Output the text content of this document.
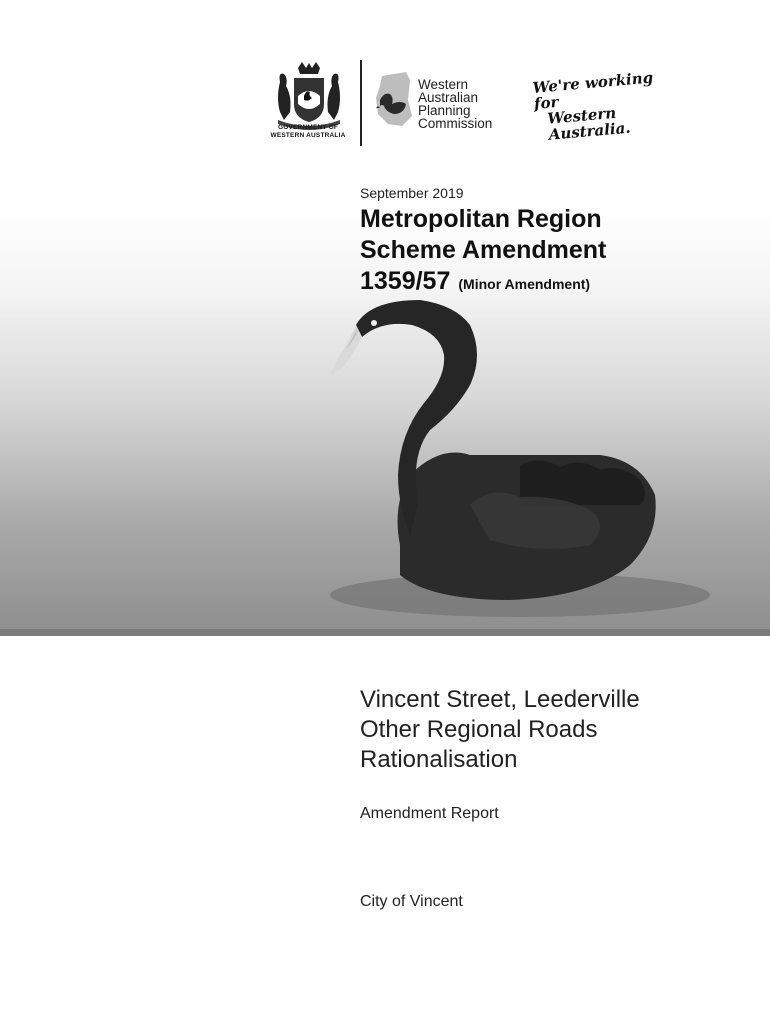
GOVERNMENT OF
WESTERN AUSTRALIA
Western
Australian
Planning
Commission
We're working for
Western Australia.
September 2019
Metropolitan Region
Scheme Amendment
1359/57 (Minor Amendment)
Vincent Street, Leederville
Other Regional Roads
Rationalisation
Amendment Report
City of Vincent
